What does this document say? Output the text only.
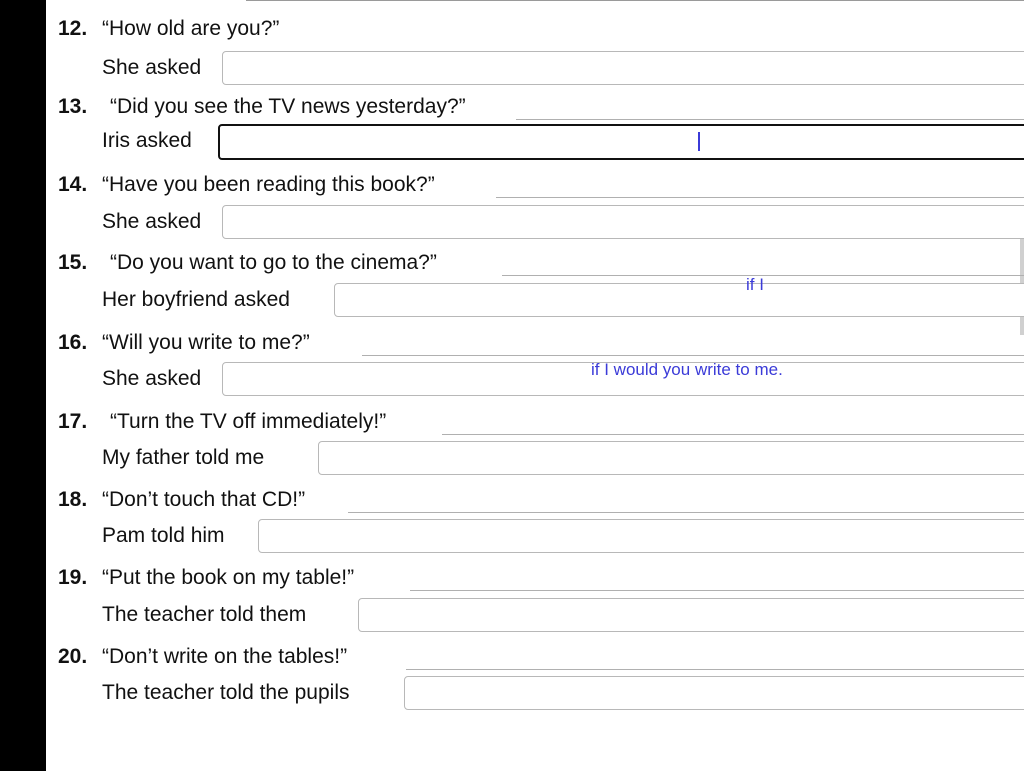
12. “How old are you?”
She asked
13. “Did you see the TV news yesterday?”
Iris asked
14. “Have you been reading this book?”
She asked
15. “Do you want to go to the cinema?”
Her boyfriend asked
if I
16. “Will you write to me?”
She asked	if I would you write to me.
17. “Turn the TV off immediately!”
My father told me
18. “Don’t touch that CD!”
Pam told him
19. “Put the book on my table!”
The teacher told them
20. “Don’t write on the tables!”
The teacher told the pupils
